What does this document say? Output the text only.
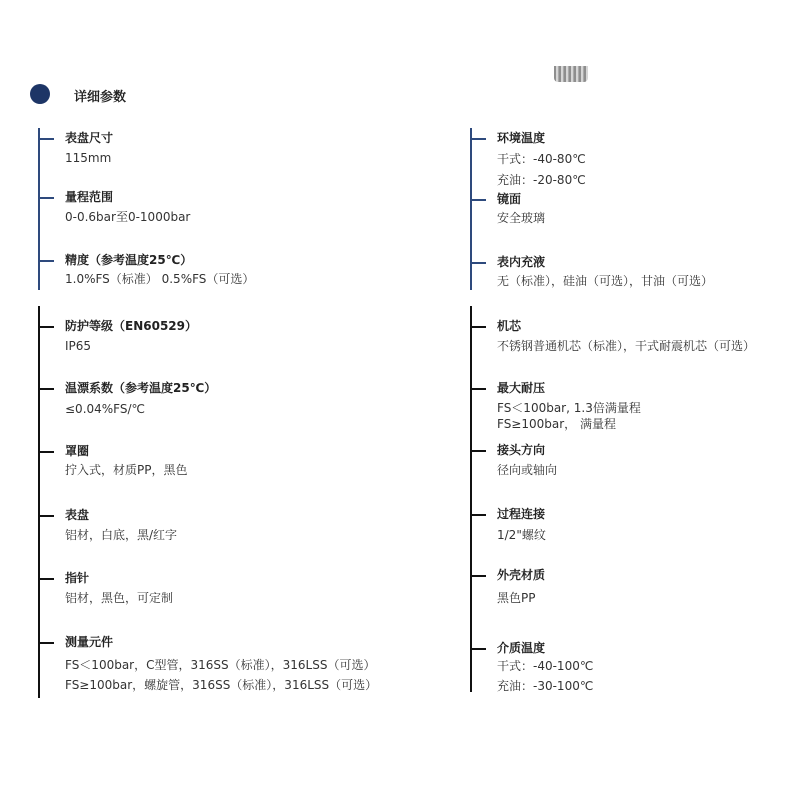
详细参数
表盘尺寸
115mm
量程范围
0-0.6bar至0-1000bar
精度（参考温度25℃）
1.0%FS（标准） 0.5%FS（可选）
环境温度
干式：-40-80℃
充油：-20-80℃
镜面
安全玻璃
表内充液
无（标准），硅油（可选），甘油（可选）
防护等级（EN60529）
IP65
温漂系数（参考温度25℃）
≤0.04%FS/℃
罩圈
拧入式，材质PP，黑色
表盘
铝材，白底，黑/红字
指针
铝材，黑色，可定制
测量元件
FS＜100bar，C型管，316SS（标准），316LSS（可选）
FS≥100bar，螺旋管，316SS（标准），316LSS（可选）
机芯
不锈钢普通机芯（标准），干式耐震机芯（可选）
最大耐压
FS＜100bar, 1.3倍满量程
FS≥100bar， 满量程
接头方向
径向或轴向
过程连接
1/2"螺纹
外壳材质
黑色PP
介质温度
干式：-40-100℃
充油：-30-100℃
